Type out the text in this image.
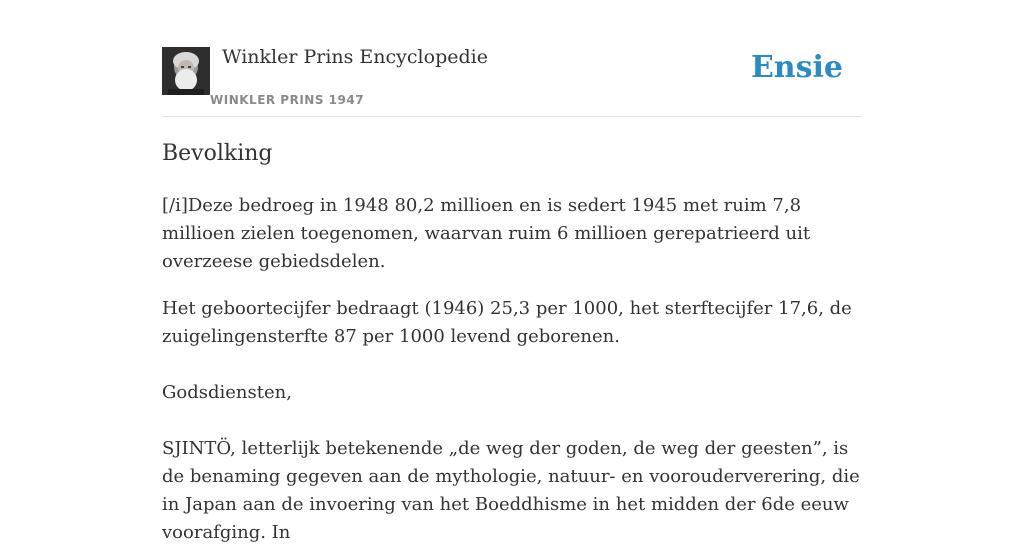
Winkler Prins Encyclopedie
WINKLER PRINS 1947
Ensie
Bevolking

[/i]Deze bedroeg in 1948 80,2 millioen en is sedert 1945 met ruim 7,8 millioen zielen toegenomen, waarvan ruim 6 millioen gerepatrieerd uit overzeese gebiedsdelen.

Het geboortecijfer bedraagt (1946) 25,3 per 1000, het sterftecijfer 17,6, de zuigelingensterfte 87 per 1000 levend geborenen.

Godsdiensten,

SJINTÖ, letterlijk betekenende „de weg der goden, de weg der geesten”, is de benaming gegeven aan de mythologie, natuur- en voorouderverering, die in Japan aan de invoering van het Boeddhisme in het midden der 6de eeuw voorafging. In
